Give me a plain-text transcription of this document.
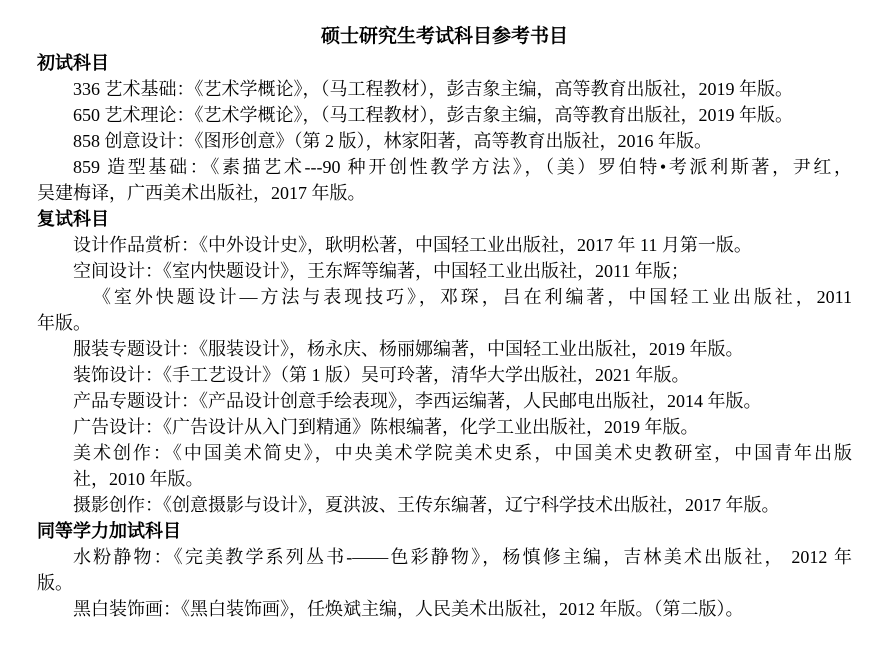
硕士研究生考试科目参考书目
初试科目
336 艺术基础：《艺术学概论》，（马工程教材），彭吉象主编，高等教育出版社，2019 年版。
650 艺术理论：《艺术学概论》，（马工程教材），彭吉象主编，高等教育出版社，2019 年版。
858 创意设计：《图形创意》（第 2 版），林家阳著，高等教育出版社，2016 年版。
859 造型基础：《素描艺术---90 种开创性教学方法》，（美）罗伯特•考派利斯著，尹红，
吴建梅译，广西美术出版社，2017 年版。
复试科目
设计作品赏析：《中外设计史》，耿明松著，中国轻工业出版社，2017 年 11 月第一版。
空间设计：《室内快题设计》，王东辉等编著，中国轻工业出版社，2011 年版；
《室外快题设计—方法与表现技巧》，邓琛，吕在利编著，中国轻工业出版社，2011
年版。
服装专题设计：《服装设计》，杨永庆、杨丽娜编著，中国轻工业出版社，2019 年版。
装饰设计：《手工艺设计》（第 1 版）吴可玲著，清华大学出版社，2021 年版。
产品专题设计：《产品设计创意手绘表现》，李西运编著，人民邮电出版社，2014 年版。
广告设计：《广告设计从入门到精通》陈根编著，化学工业出版社，2019 年版。
美术创作：《中国美术简史》，中央美术学院美术史系，中国美术史教研室，中国青年出版
社，2010 年版。
摄影创作：《创意摄影与设计》，夏洪波、王传东编著，辽宁科学技术出版社，2017 年版。
同等学力加试科目
水粉静物：《完美教学系列丛书-——色彩静物》，杨慎修主编，吉林美术出版社， 2012 年
版。
黑白装饰画：《黑白装饰画》，任焕斌主编，人民美术出版社，2012 年版。（第二版）。
